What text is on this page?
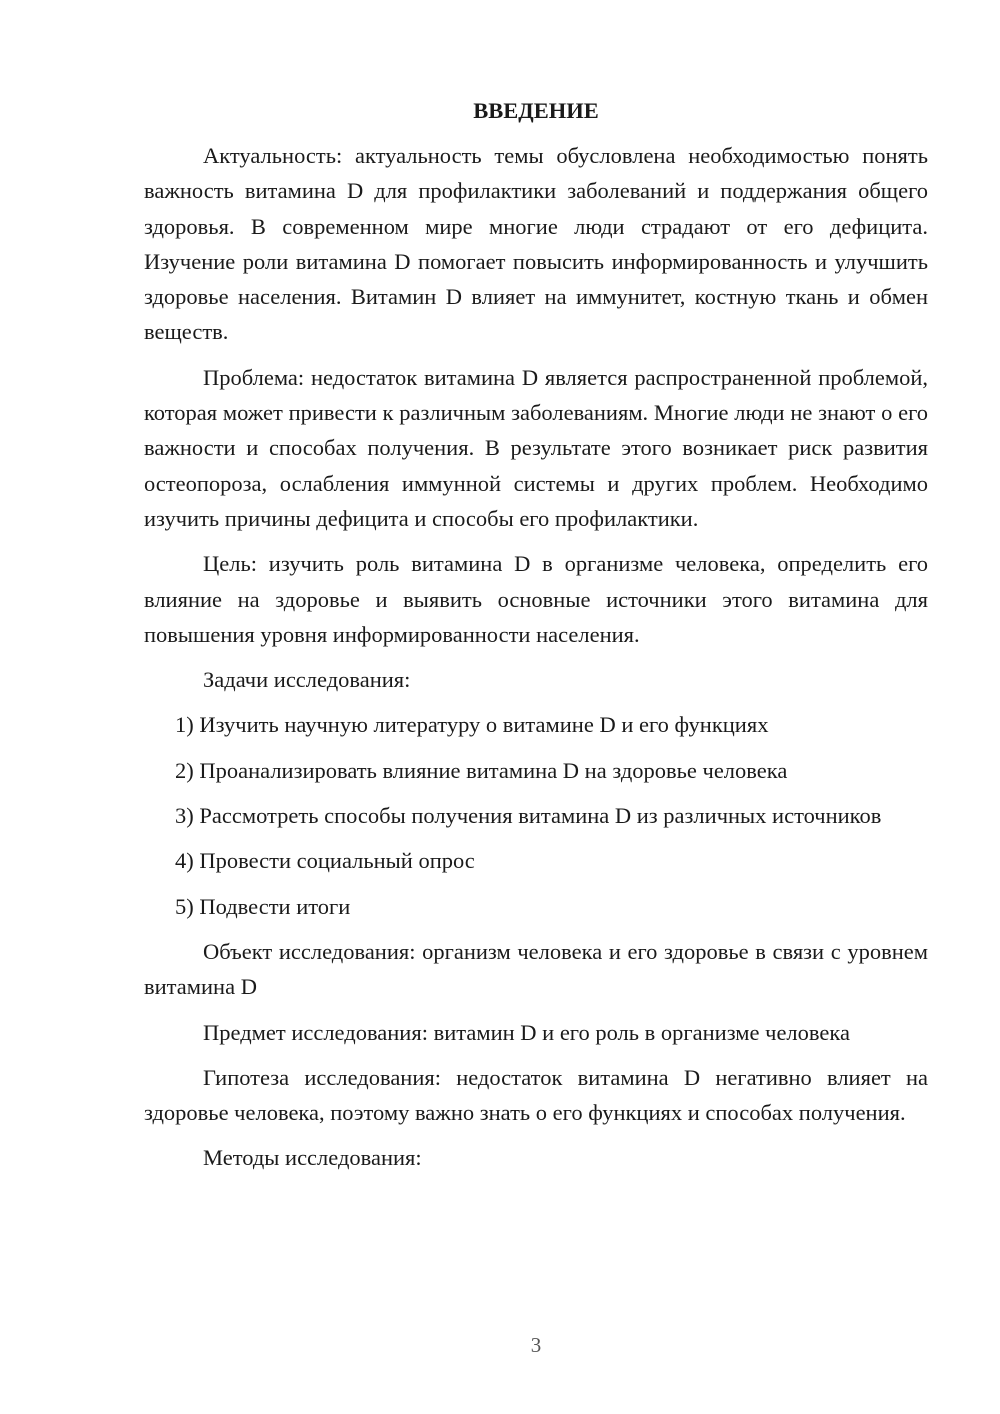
ВВЕДЕНИЕ

Актуальность: актуальность темы обусловлена необходимостью понять важность витамина D для профилактики заболеваний и поддержания общего здоровья. В современном мире многие люди страдают от его дефицита. Изучение роли витамина D помогает повысить информированность и улучшить здоровье населения. Витамин D влияет на иммунитет, костную ткань и обмен веществ.

Проблема: недостаток витамина D является распространенной проблемой, которая может привести к различным заболеваниям. Многие люди не знают о его важности и способах получения. В результате этого возникает риск развития остеопороза, ослабления иммунной системы и других проблем. Необходимо изучить причины дефицита и способы его профилактики.

Цель: изучить роль витамина D в организме человека, определить его влияние на здоровье и выявить основные источники этого витамина для повышения уровня информированности населения.

Задачи исследования:

1) Изучить научную литературу о витамине D и его функциях

2) Проанализировать влияние витамина D на здоровье человека

3) Рассмотреть способы получения витамина D из различных источников

4) Провести социальный опрос

5) Подвести итоги

Объект исследования: организм человека и его здоровье в связи с уровнем витамина D

Предмет исследования: витамин D и его роль в организме человека

Гипотеза исследования: недостаток витамина D негативно влияет на здоровье человека, поэтому важно знать о его функциях и способах получения.

Методы исследования:

3
